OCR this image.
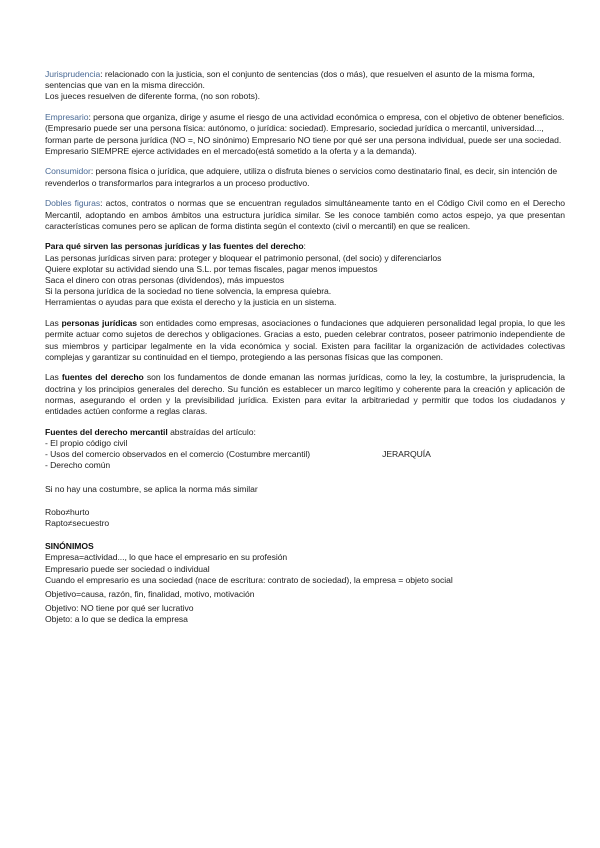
Jurisprudencia: relacionado con la justicia, son el conjunto de sentencias (dos o más), que resuelven el asunto de la misma forma, sentencias que van en la misma dirección.

Los jueces resuelven de diferente forma, (no son robots).

Empresario: persona que organiza, dirige y asume el riesgo de una actividad económica o empresa, con el objetivo de obtener beneficios. (Empresario puede ser una persona física: autónomo, o jurídica: sociedad). Empresario, sociedad jurídica o mercantil, universidad..., forman parte de persona jurídica (NO =, NO sinónimo) Empresario NO tiene por qué ser una persona individual, puede ser una sociedad. Empresario SIEMPRE ejerce actividades en el mercado(está sometido a la oferta y a la demanda).

Consumidor: persona física o jurídica, que adquiere, utiliza o disfruta bienes o servicios como destinatario final, es decir, sin intención de revenderlos o transformarlos para integrarlos a un proceso productivo.

Dobles figuras: actos, contratos o normas que se encuentran regulados simultáneamente tanto en el Código Civil como en el Derecho Mercantil, adoptando en ambos ámbitos una estructura jurídica similar. Se les conoce también como actos espejo, ya que presentan características comunes pero se aplican de forma distinta según el contexto (civil o mercantil) en que se realicen.

Para qué sirven las personas jurídicas y las fuentes del derecho:

Las personas jurídicas sirven para: proteger y bloquear el patrimonio personal, (del socio) y diferenciarlos

Quiere explotar su actividad siendo una S.L. por temas fiscales, pagar menos impuestos

Saca el dinero con otras personas (dividendos), más impuestos

Si la persona jurídica de la sociedad no tiene solvencia, la empresa quiebra.

Herramientas o ayudas para que exista el derecho y la justicia en un sistema.

Las personas jurídicas son entidades como empresas, asociaciones o fundaciones que adquieren personalidad legal propia, lo que les permite actuar como sujetos de derechos y obligaciones. Gracias a esto, pueden celebrar contratos, poseer patrimonio independiente de sus miembros y participar legalmente en la vida económica y social. Existen para facilitar la organización de actividades colectivas complejas y garantizar su continuidad en el tiempo, protegiendo a las personas físicas que las componen.

Las fuentes del derecho son los fundamentos de donde emanan las normas jurídicas, como la ley, la costumbre, la jurisprudencia, la doctrina y los principios generales del derecho. Su función es establecer un marco legítimo y coherente para la creación y aplicación de normas, asegurando el orden y la previsibilidad jurídica. Existen para evitar la arbitrariedad y permitir que todos los ciudadanos y entidades actúen conforme a reglas claras.

Fuentes del derecho mercantil abstraídas del artículo:

- El propio código civil

- Usos del comercio observados en el comercio (Costumbre mercantil)	JERARQUÍA

- Derecho común

Si no hay una costumbre, se aplica la norma más similar

Robo≠hurto

Rapto≠secuestro

SINÓNIMOS

Empresa=actividad..., lo que hace el empresario en su profesión

Empresario puede ser sociedad o individual

Cuando el empresario es una sociedad (nace de escritura: contrato de sociedad), la empresa = objeto social

Objetivo=causa, razón, fin, finalidad, motivo, motivación

Objetivo: NO tiene por qué ser lucrativo

Objeto: a lo que se dedica la empresa
